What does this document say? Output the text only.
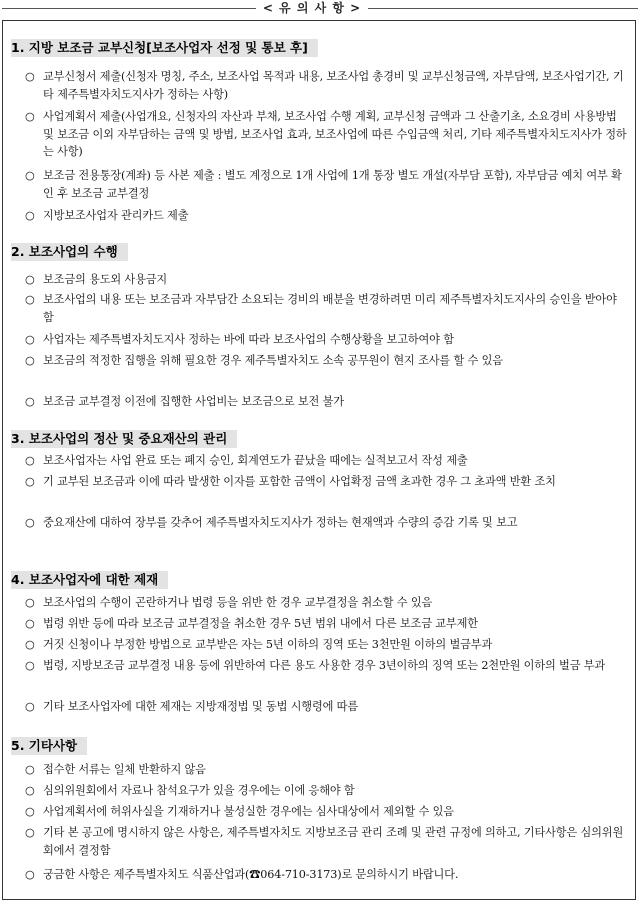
< 유 의 사 항 >
1. 지방 보조금 교부신청[보조사업자 선정 및 통보 후]
○ 교부신청서 제출(신청자 명칭, 주소, 보조사업 목적과 내용, 보조사업 총경비 및 교부신청금액, 자부담액, 보조사업기간, 기타 제주특별자치도지사가 정하는 사항)
○ 사업계획서 제출(사업개요, 신청자의 자산과 부채, 보조사업 수행 계획, 교부신청 금액과 그 산출기초, 소요경비 사용방법 및 보조금 이외 자부담하는 금액 및 방법, 보조사업 효과, 보조사업에 따른 수입금액 처리, 기타 제주특별자치도지사가 정하는 사항)
○ 보조금 전용통장(계좌) 등 사본 제출 : 별도 계정으로 1개 사업에 1개 통장 별도 개설(자부담 포함), 자부담금 예치 여부 확인 후 보조금 교부결정
○ 지방보조사업자 관리카드 제출
2. 보조사업의 수행
○ 보조금의 용도외 사용금지
○ 보조사업의 내용 또는 보조금과 자부담간 소요되는 경비의 배분을 변경하려면 미리 제주특별자치도지사의 승인을 받아야 함
○ 사업자는 제주특별자치도지사 정하는 바에 따라 보조사업의 수행상황을 보고하여야 함
○ 보조금의 적정한 집행을 위해 필요한 경우 제주특별자치도 소속 공무원이 현지 조사를 할 수 있음
○ 보조금 교부결정 이전에 집행한 사업비는 보조금으로 보전 불가
3. 보조사업의 정산 및 중요재산의 관리
○ 보조사업자는 사업 완료 또는 폐지 승인, 회계연도가 끝났을 때에는 실적보고서 작성 제출
○ 기 교부된 보조금과 이에 따라 발생한 이자를 포함한 금액이 사업확정 금액 초과한 경우 그 초과액 반환 조치
○ 중요재산에 대하여 장부를 갖추어 제주특별자치도지사가 정하는 현재액과 수량의 증감 기록 및 보고
4. 보조사업자에 대한 제재
○ 보조사업의 수행이 곤란하거나 법령 등을 위반 한 경우 교부결정을 취소할 수 있음
○ 법령 위반 등에 따라 보조금 교부결정을 취소한 경우 5년 범위 내에서 다른 보조금 교부제한
○ 거짓 신청이나 부정한 방법으로 교부받은 자는 5년 이하의 징역 또는 3천만원 이하의 벌금부과
○ 법령, 지방보조금 교부결정 내용 등에 위반하여 다른 용도 사용한 경우 3년이하의 징역 또는 2천만원 이하의 벌금 부과
○ 기타 보조사업자에 대한 제재는 지방재정법 및 동법 시행령에 따름
5. 기타사항
○ 접수한 서류는 일체 반환하지 않음
○ 심의위원회에서 자료나 참석요구가 있을 경우에는 이에 응해야 함
○ 사업계획서에 허위사실을 기재하거나 불성실한 경우에는 심사대상에서 제외할 수 있음
○ 기타 본 공고에 명시하지 않은 사항은, 제주특별자치도 지방보조금 관리 조례 및 관련 규정에 의하고, 기타사항은 심의위원회에서 결정함
○ 궁금한 사항은 제주특별자치도 식품산업과(☎064-710-3173)로 문의하시기 바랍니다.
